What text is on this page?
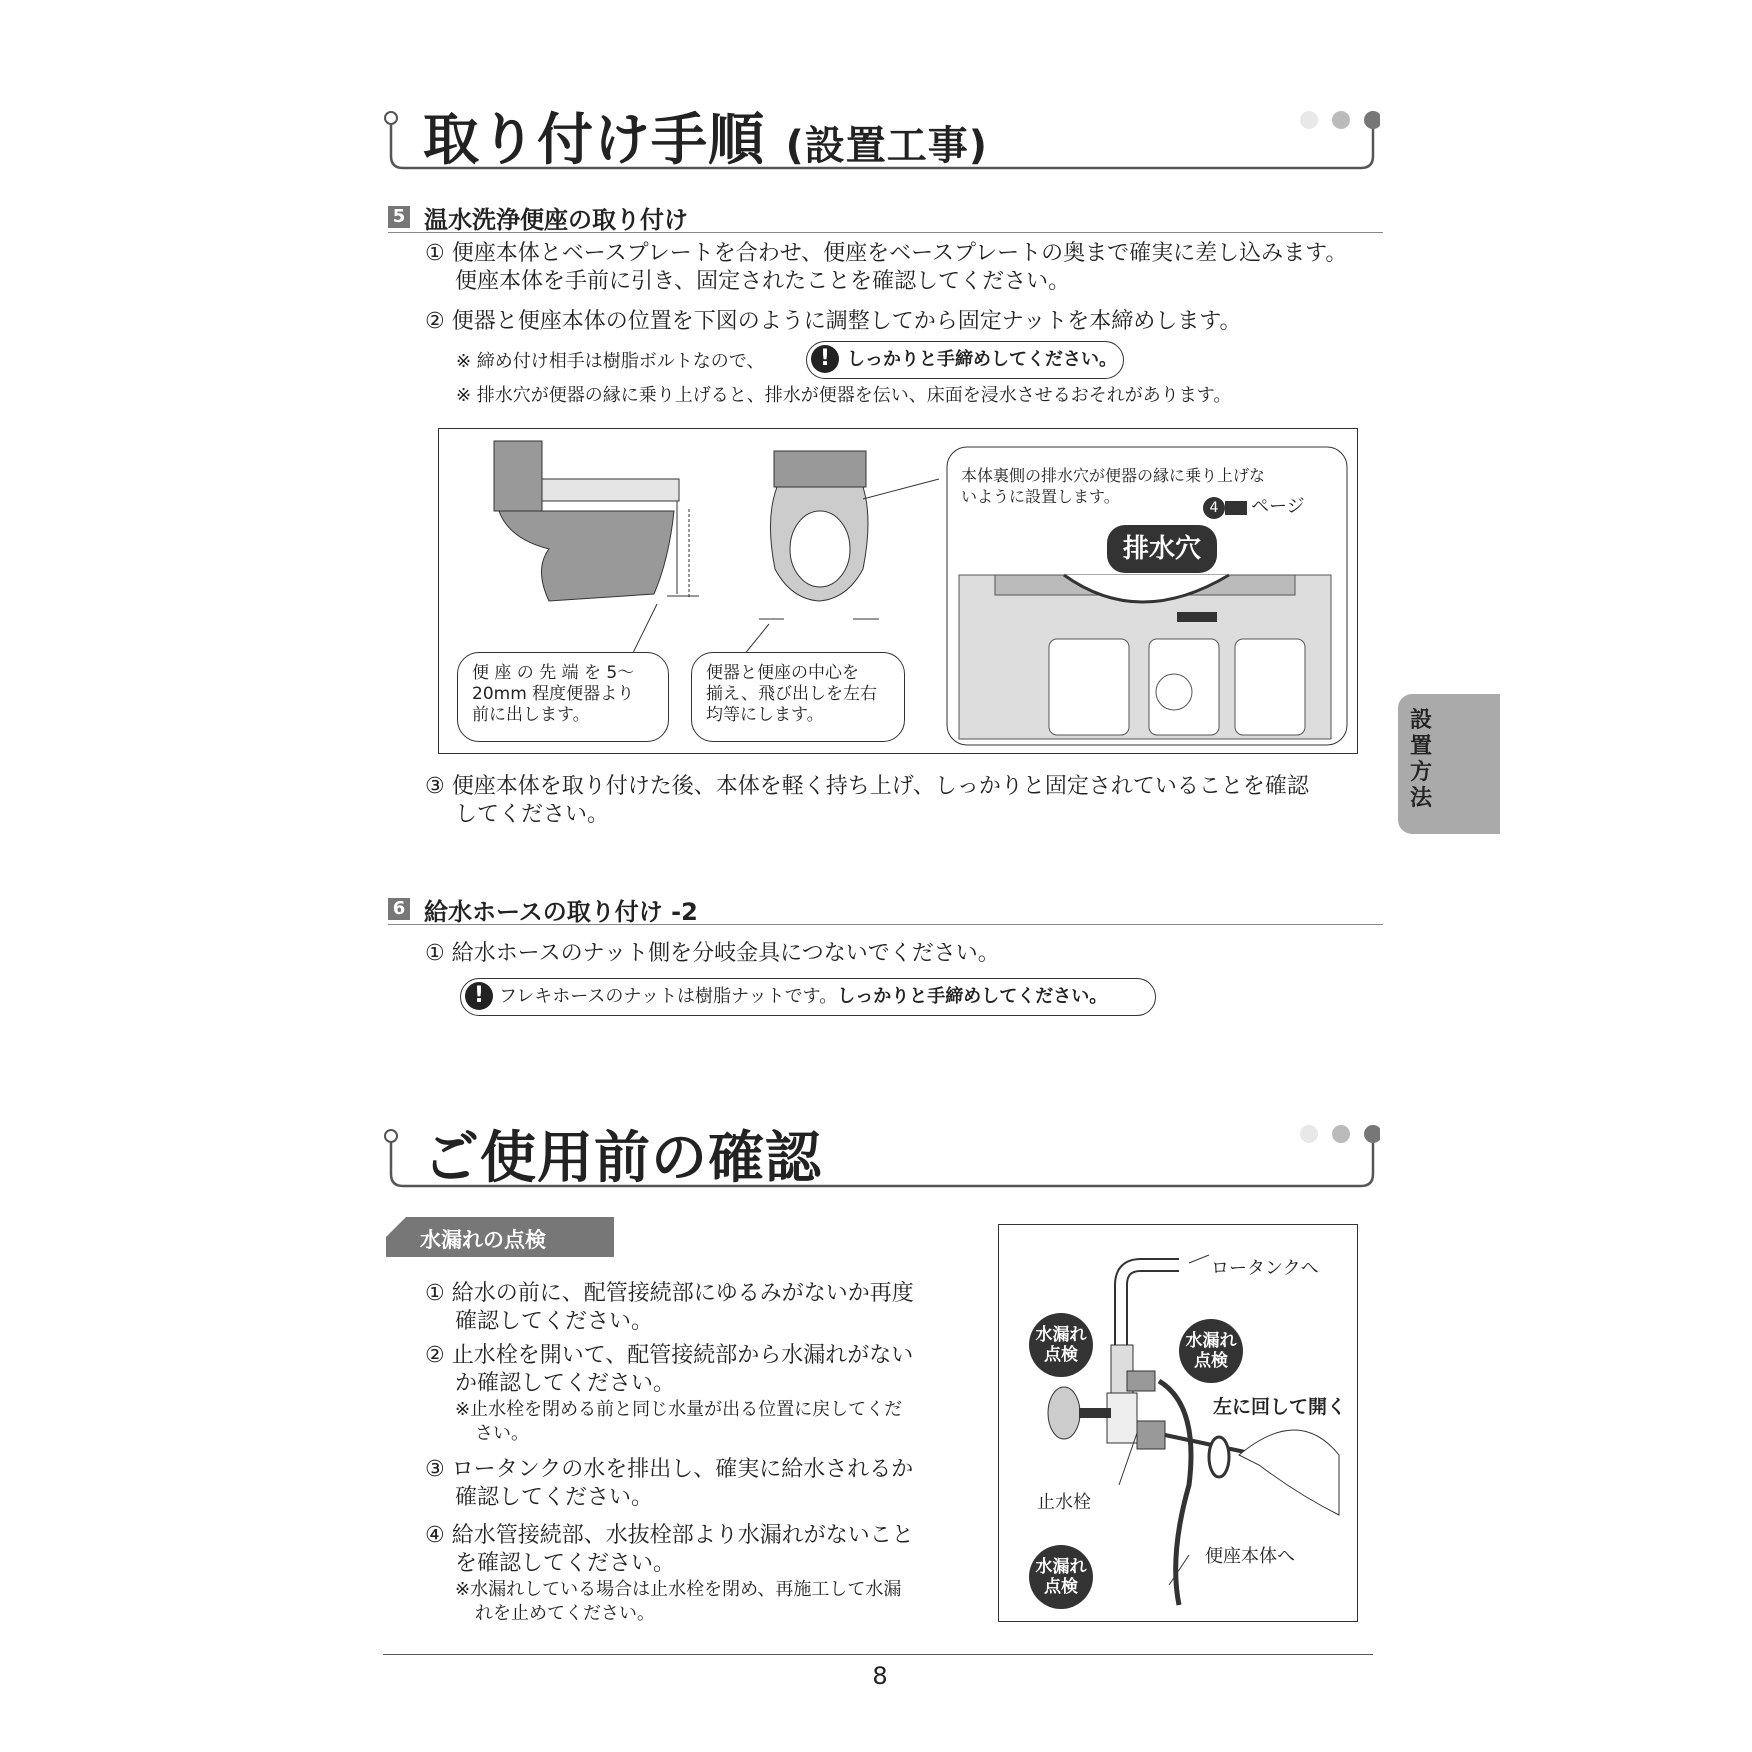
取り付け手順 (設置工事)
5 温水洗浄便座の取り付け
① 便座本体とベースプレートを合わせ、便座をベースプレートの奥まで確実に差し込みます。
便座本体を手前に引き、固定されたことを確認してください。
② 便器と便座本体の位置を下図のように調整してから固定ナットを本締めします。
※ 締め付け相手は樹脂ボルトなので、	! しっかりと手締めしてください。
※ 排水穴が便器の縁に乗り上げると、排水が便器を伝い、床面を浸水させるおそれがあります。
便 座 の 先 端 を 5～
20mm 程度便器より
前に出します。
便器と便座の中心を
揃え、飛び出しを左右
均等にします。
本体裏側の排水穴が便器の縁に乗り上げな
いように設置します。
4	ページ
排水穴
③ 便座本体を取り付けた後、本体を軽く持ち上げ、しっかりと固定されていることを確認
してください。
設置方法
6 給水ホースの取り付け -2
① 給水ホースのナット側を分岐金具につないでください。
! フレキホースのナットは樹脂ナットです。しっかりと手締めしてください。
ご使用前の確認
水漏れの点検
① 給水の前に、配管接続部にゆるみがないか再度
確認してください。
② 止水栓を開いて、配管接続部から水漏れがない
か確認してください。
※止水栓を閉める前と同じ水量が出る位置に戻してくだ
さい。
③ ロータンクの水を排出し、確実に給水されるか
確認してください。
④ 給水管接続部、水抜栓部より水漏れがないこと
を確認してください。
※水漏れしている場合は止水栓を閉め、再施工して水漏
れを止めてください。
ロータンクへ
水漏れ
点検
水漏れ
点検
左に回して開く
止水栓
水漏れ
点検
便座本体へ
8
